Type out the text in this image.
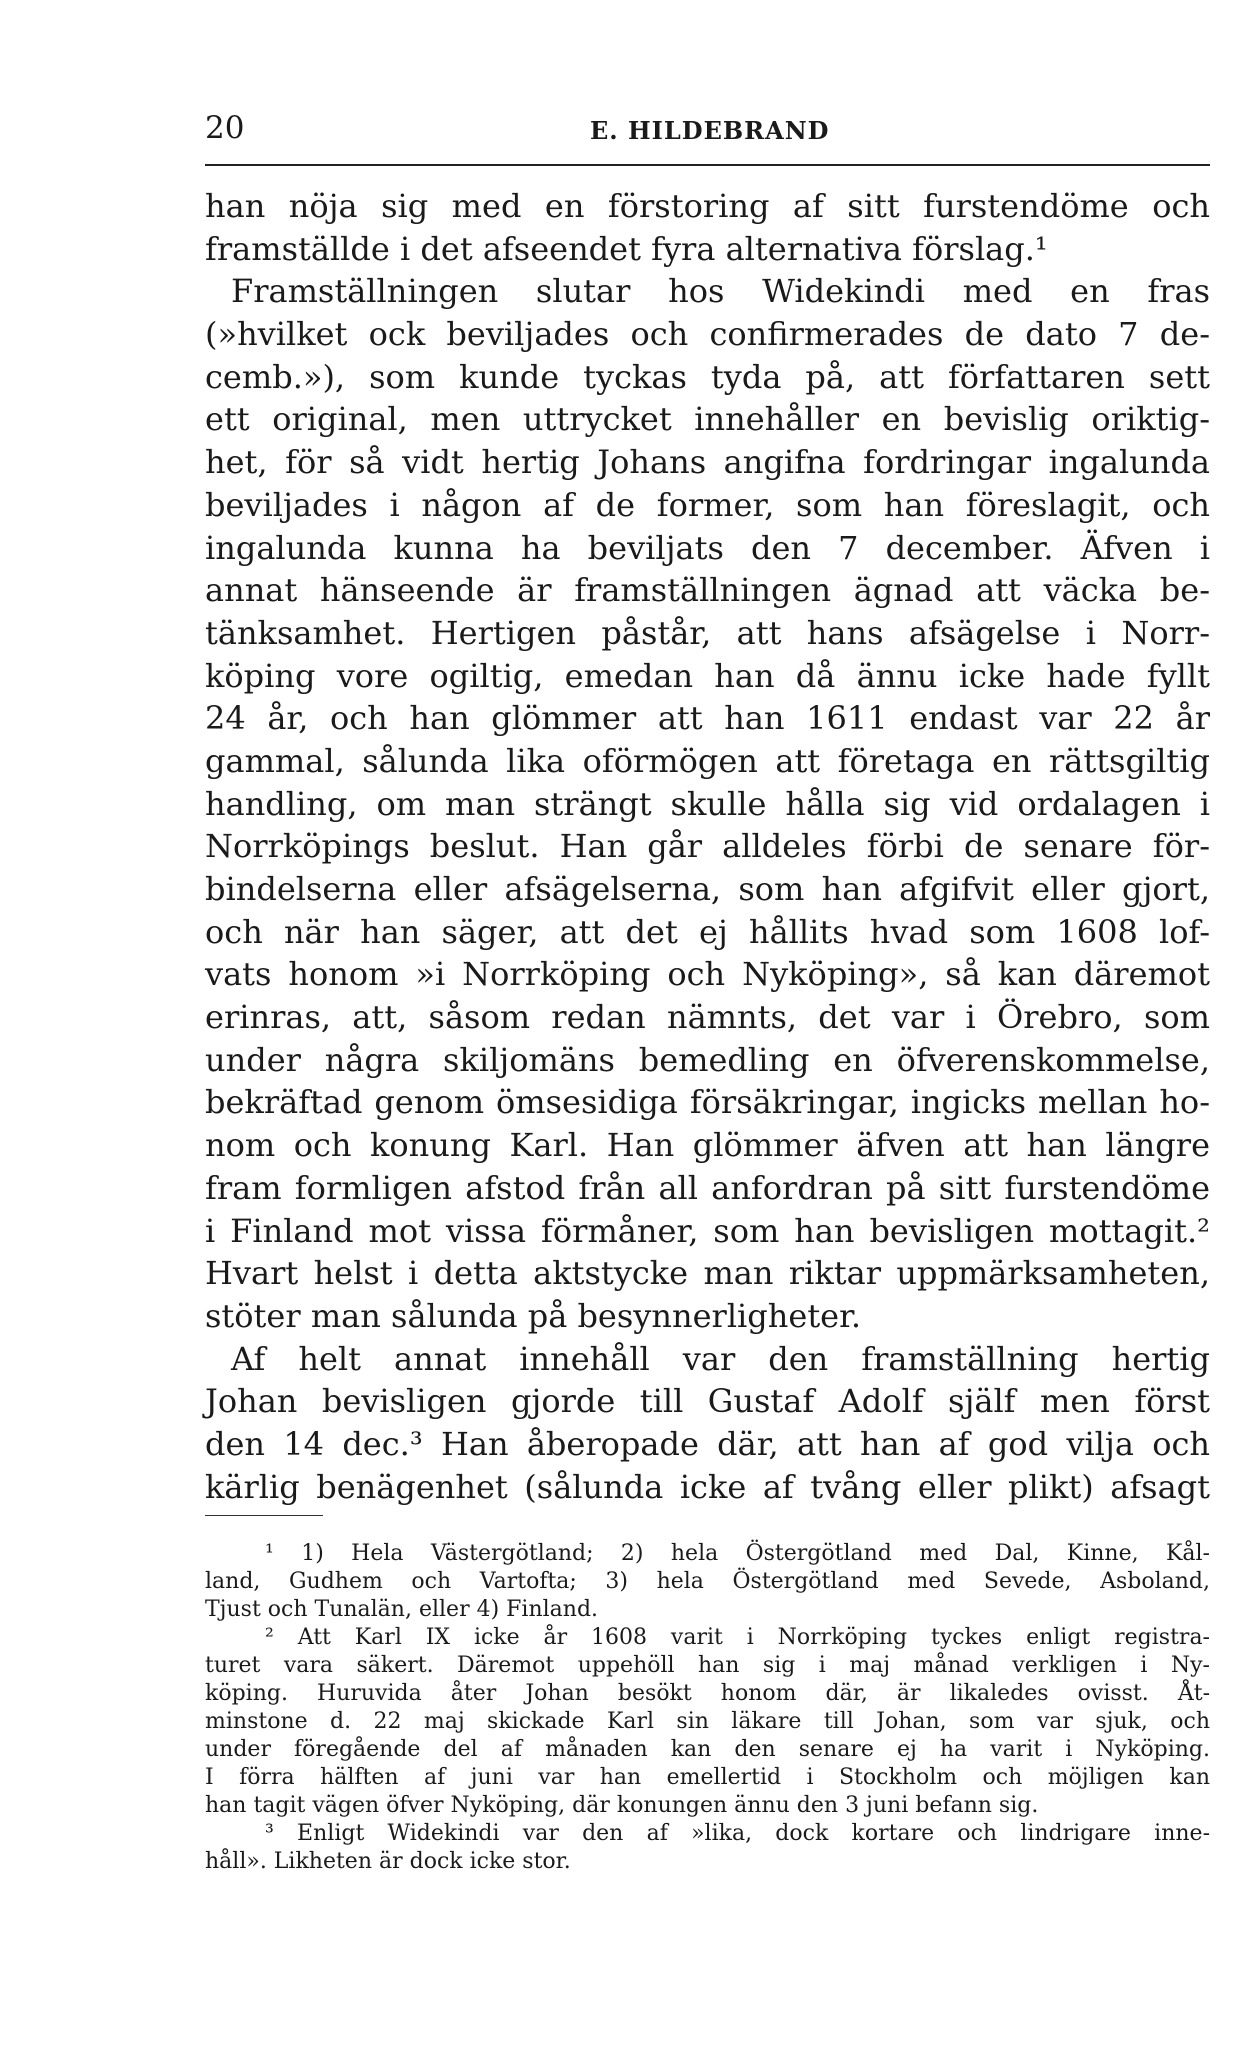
20	E. HILDEBRAND
han nöja sig med en förstoring af sitt furstendöme och
framställde i det afseendet fyra alternativa förslag.¹
Framställningen slutar hos Widekindi med en fras
(»hvilket ock beviljades och confirmerades de dato 7 de-
cemb.»), som kunde tyckas tyda på, att författaren sett
ett original, men uttrycket innehåller en bevislig oriktig-
het, för så vidt hertig Johans angifna fordringar ingalunda
beviljades i någon af de former, som han föreslagit, och
ingalunda kunna ha beviljats den 7 december. Äfven i
annat hänseende är framställningen ägnad att väcka be-
tänksamhet. Hertigen påstår, att hans afsägelse i Norr-
köping vore ogiltig, emedan han då ännu icke hade fyllt
24 år, och han glömmer att han 1611 endast var 22 år
gammal, sålunda lika oförmögen att företaga en rättsgiltig
handling, om man strängt skulle hålla sig vid ordalagen i
Norrköpings beslut. Han går alldeles förbi de senare för-
bindelserna eller afsägelserna, som han afgifvit eller gjort,
och när han säger, att det ej hållits hvad som 1608 lof-
vats honom »i Norrköping och Nyköping», så kan däremot
erinras, att, såsom redan nämnts, det var i Örebro, som
under några skiljomäns bemedling en öfverenskommelse,
bekräftad genom ömsesidiga försäkringar, ingicks mellan ho-
nom och konung Karl. Han glömmer äfven att han längre
fram formligen afstod från all anfordran på sitt furstendöme
i Finland mot vissa förmåner, som han bevisligen mottagit.²
Hvart helst i detta aktstycke man riktar uppmärksamheten,
stöter man sålunda på besynnerligheter.
Af helt annat innehåll var den framställning hertig
Johan bevisligen gjorde till Gustaf Adolf själf men först
den 14 dec.³ Han åberopade där, att han af god vilja och
kärlig benägenhet (sålunda icke af tvång eller plikt) afsagt
¹ 1) Hela Västergötland; 2) hela Östergötland med Dal, Kinne, Kål-
land, Gudhem och Vartofta; 3) hela Östergötland med Sevede, Asboland,
Tjust och Tunalän, eller 4) Finland.
² Att Karl IX icke år 1608 varit i Norrköping tyckes enligt registra-
turet vara säkert. Däremot uppehöll han sig i maj månad verkligen i Ny-
köping. Huruvida åter Johan besökt honom där, är likaledes ovisst. Åt-
minstone d. 22 maj skickade Karl sin läkare till Johan, som var sjuk, och
under föregående del af månaden kan den senare ej ha varit i Nyköping.
I förra hälften af juni var han emellertid i Stockholm och möjligen kan
han tagit vägen öfver Nyköping, där konungen ännu den 3 juni befann sig.
³ Enligt Widekindi var den af »lika, dock kortare och lindrigare inne-
håll». Likheten är dock icke stor.
